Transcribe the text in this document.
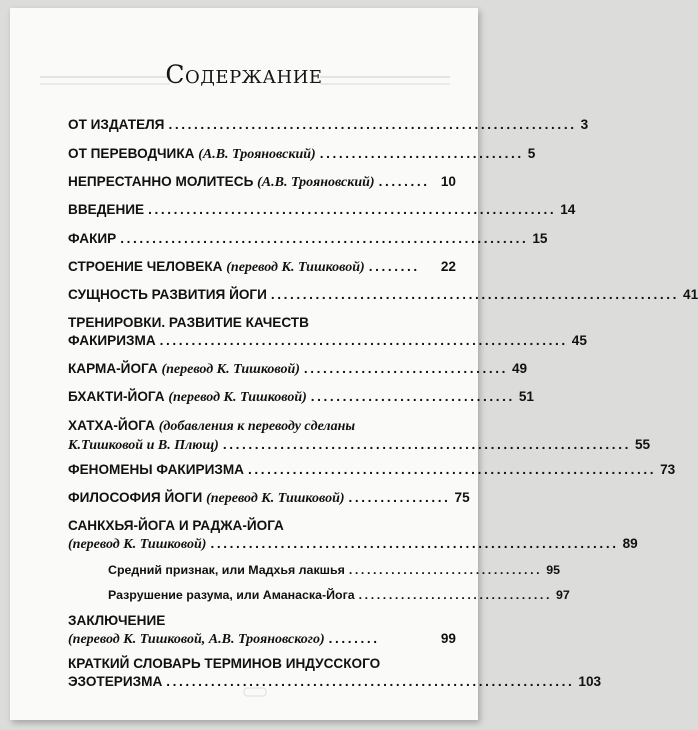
Содержание
ОТ ИЗДАТЕЛЯ ................................................................ 3
ОТ ПЕРЕВОДЧИКА (А.В. Трояновский) ................................ 5
НЕПРЕСТАННО МОЛИТЕСЬ (А.В. Трояновский) ........ 10
ВВЕДЕНИЕ ................................................................ 14
ФАКИР ................................................................ 15
СТРОЕНИЕ ЧЕЛОВЕКА (перевод К. Тишковой) ........	22
СУЩНОСТЬ РАЗВИТИЯ ЙОГИ ................................................................ 41
ТРЕНИРОВКИ. РАЗВИТИЕ КАЧЕСТВ
ФАКИРИЗМА ................................................................ 45
КАРМА-ЙОГА (перевод К. Тишковой) ................................ 49
БХАКТИ-ЙОГА (перевод К. Тишковой) ................................ 51
ХАТХА-ЙОГА (добавления к переводу сделаны
К.Тишковой и В. Плющ) ................................................................ 55
ФЕНОМЕНЫ ФАКИРИЗМА ................................................................ 73
ФИЛОСОФИЯ ЙОГИ (перевод К. Тишковой) ................ 75
САНКХЬЯ-ЙОГА И РАДЖА-ЙОГА
(перевод К. Тишковой) ................................................................ 89
Средний признак, или Мадхья лакшья ................................ 95
Разрушение разума, или Аманаска-Йога ................................ 97
ЗАКЛЮЧЕНИЕ
(перевод К. Тишковой, А.В. Трояновского) ........	99
КРАТКИЙ СЛОВАРЬ ТЕРМИНОВ ИНДУССКОГО
ЭЗОТЕРИЗМА ................................................................ 103
